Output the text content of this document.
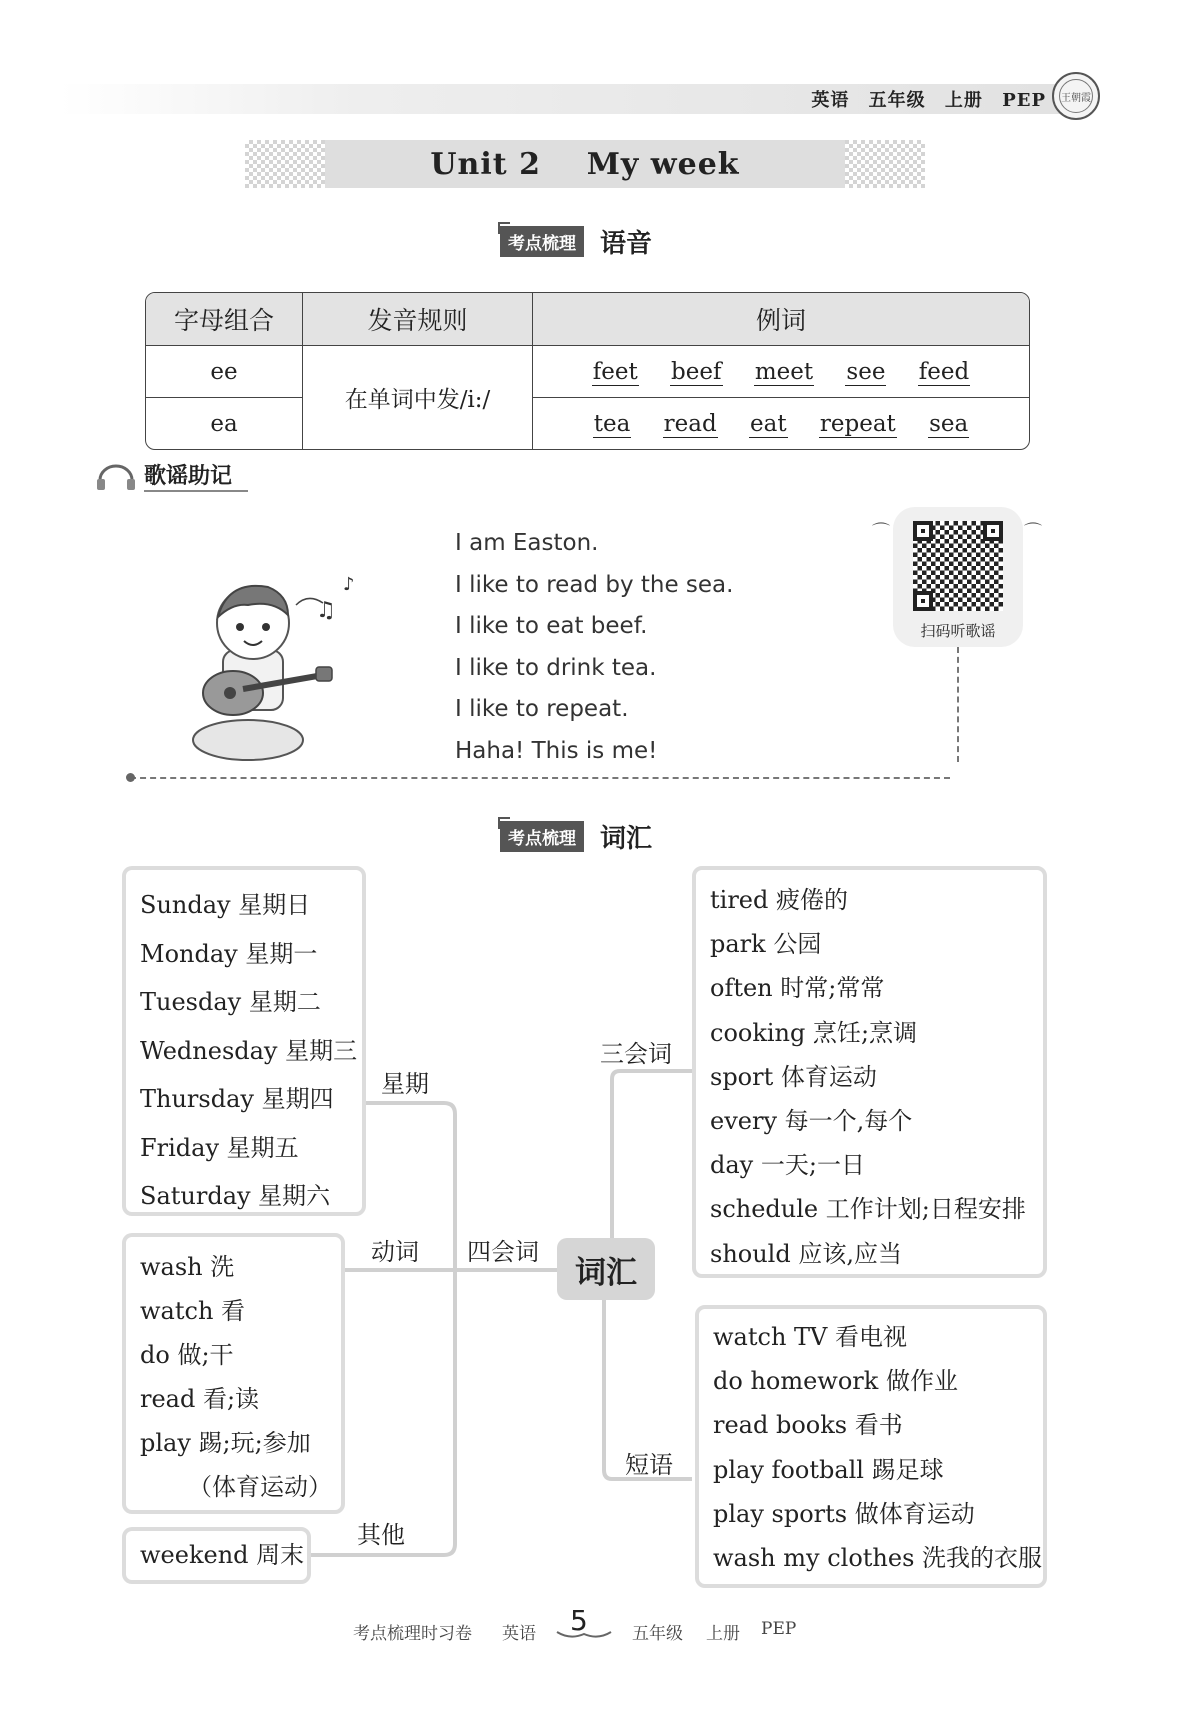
英语 五年级 上册 PEP 王朝霞
Unit 2    My week
考点梳理 语音
字母组合	发音规则	例词
ee	在单词中发/i:/	feet beef meet see feed
ea		tea read eat repeat sea
歌谣助记
♫
♪
I am Easton.
I like to read by the sea.
I like to eat beef.
I like to drink tea.
I like to repeat.
Haha! This is me!
扫码听歌谣
⌒	⌒
考点梳理 词汇
Sunday 星期日
Monday 星期一
Tuesday 星期二
Wednesday 星期三
Thursday 星期四
Friday 星期五
Saturday 星期六
wash 洗
watch 看
do 做;干
read 看;读
play 踢;玩;参加
（体育运动）
weekend 周末
tired 疲倦的
park 公园
often 时常;常常
cooking 烹饪;烹调
sport 体育运动
every 每一个,每个
day 一天;一日
schedule 工作计划;日程安排
should 应该,应当
watch TV 看电视
do homework 做作业
read books 看书
play football 踢足球
play sports 做体育运动
wash my clothes 洗我的衣服
星期
动词
其他
四会词
三会词
短语
词汇
考点梳理时习卷 英语 5	五年级 上册 PEP
